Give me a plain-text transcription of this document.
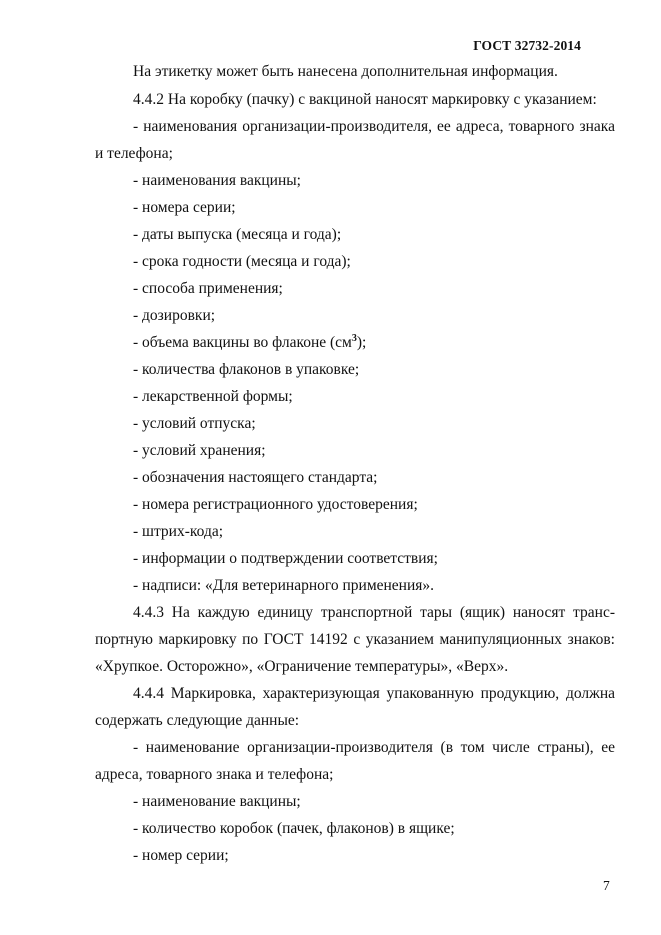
ГОСТ 32732-2014
На этикетку может быть нанесена дополнительная информация.
4.4.2 На коробку (пачку) с вакциной наносят маркировку с указанием:
- наименования организации-производителя, ее адреса, товарного знака
и телефона;
- наименования вакцины;
- номера серии;
- даты выпуска (месяца и года);
- срока годности (месяца и года);
- способа применения;
- дозировки;
- объема вакцины во флаконе $(см^3)$;
- количества флаконов в упаковке;
- лекарственной формы;
- условий отпуска;
- условий хранения;
- обозначения настоящего стандарта;
- номера регистрационного удостоверения;
- штрих-кода;
- информации о подтверждении соответствия;
- надписи: «Для ветеринарного применения».
4.4.3 На каждую единицу транспортной тары (ящик) наносят транс-
портную маркировку по ГОСТ 14192 с указанием манипуляционных знаков:
«Хрупкое. Осторожно», «Ограничение температуры», «Верх».
4.4.4 Маркировка, характеризующая упакованную продукцию, должна
содержать следующие данные:
- наименование организации-производителя (в том числе страны), ее
адреса, товарного знака и телефона;
- наименование вакцины;
- количество коробок (пачек, флаконов) в ящике;
- номер серии;
7
